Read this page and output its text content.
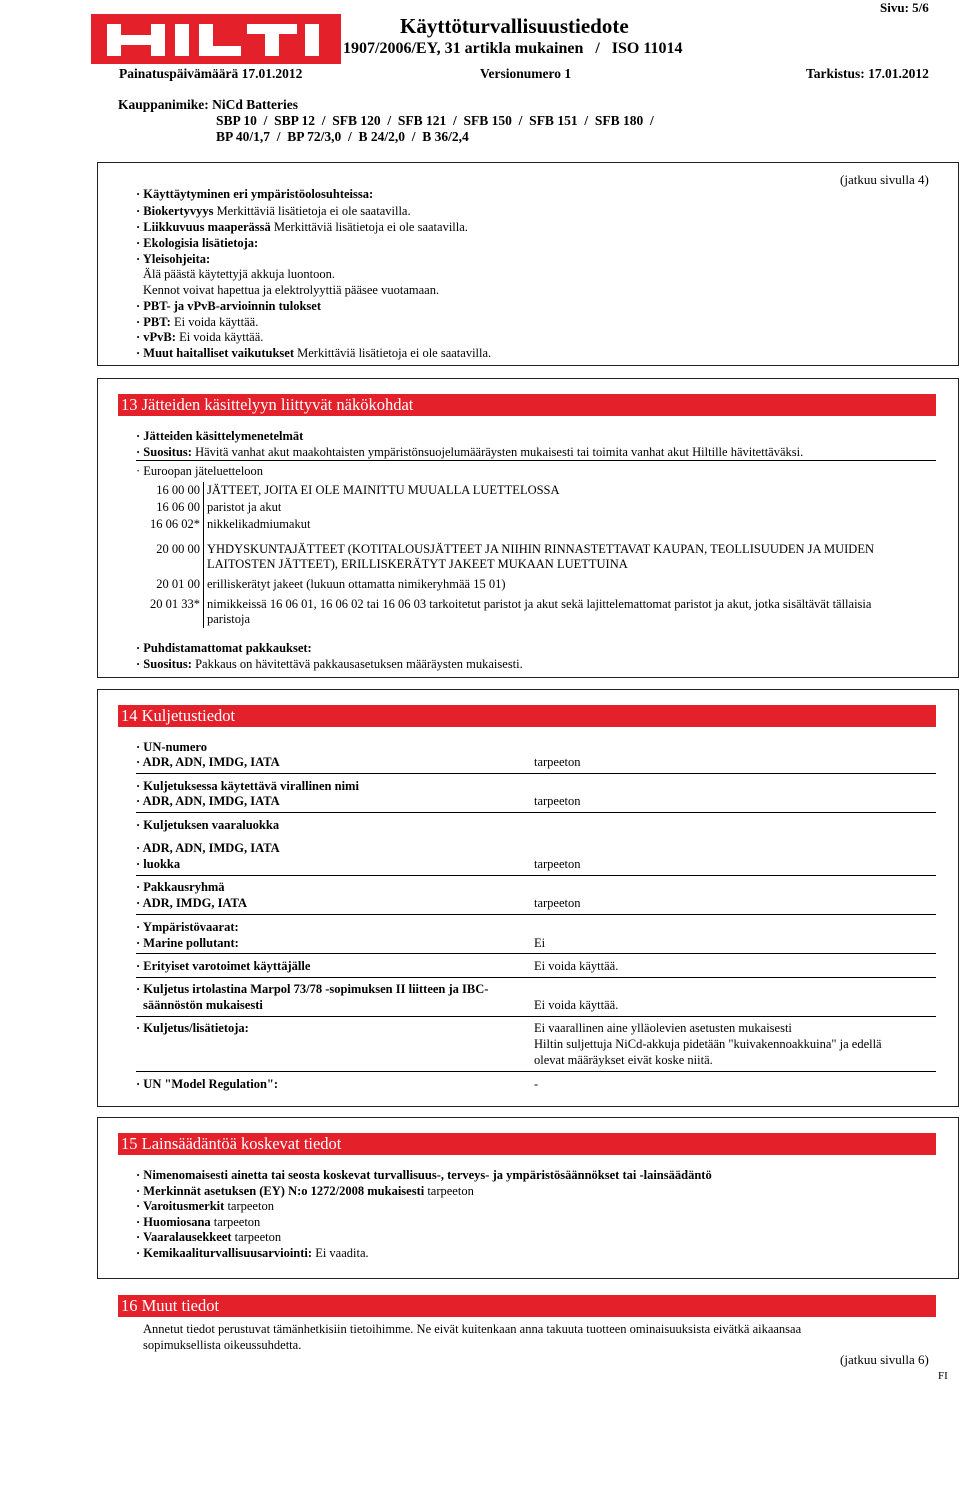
Sivu: 5/6
Käyttöturvallisuustiedote
1907/2006/EY, 31 artikla mukainen   /   ISO 11014
Painatuspäivämäärä 17.01.2012	Versionumero 1	Tarkistus: 17.01.2012
Kauppanimike: NiCd Batteries
SBP 10  /  SBP 12  /  SFB 120  /  SFB 121  /  SFB 150  /  SFB 151  /  SFB 180  /
BP 40/1,7  /  BP 72/3,0  /  B 24/2,0  /  B 36/2,4
(jatkuu sivulla 4)
· Käyttäytyminen eri ympäristöolosuhteissa:
· Biokertyvyys Merkittäviä lisätietoja ei ole saatavilla.
· Liikkuvuus maaperässä Merkittäviä lisätietoja ei ole saatavilla.
· Ekologisia lisätietoja:
· Yleisohjeita:
Älä päästä käytettyjä akkuja luontoon.
Kennot voivat hapettua ja elektrolyyttiä pääsee vuotamaan.
· PBT- ja vPvB-arvioinnin tulokset
· PBT: Ei voida käyttää.
· vPvB: Ei voida käyttää.
· Muut haitalliset vaikutukset Merkittäviä lisätietoja ei ole saatavilla.
13 Jätteiden käsittelyyn liittyvät näkökohdat
· Jätteiden käsittelymenetelmät
· Suositus: Hävitä vanhat akut maakohtaisten ympäristönsuojelumääräysten mukaisesti tai toimita vanhat akut Hiltille hävitettäväksi.
· Euroopan jäteluetteloon
16 00 00	JÄTTEET, JOITA EI OLE MAINITTU MUUALLA LUETTELOSSA
16 06 00	paristot ja akut
16 06 02*	nikkelikadmiumakut
20 00 00	YHDYSKUNTAJÄTTEET (KOTITALOUSJÄTTEET JA NIIHIN RINNASTETTAVAT KAUPAN, TEOLLISUUDEN JA MUIDEN LAITOSTEN JÄTTEET), ERILLISKERÄTYT JAKEET MUKAAN LUETTUINA
20 01 00	erilliskerätyt jakeet (lukuun ottamatta nimikeryhmää 15 01)
20 01 33*	nimikkeissä 16 06 01, 16 06 02 tai 16 06 03 tarkoitetut paristot ja akut sekä lajittelemattomat paristot ja akut, jotka sisältävät tällaisia paristoja
· Puhdistamattomat pakkaukset:
· Suositus: Pakkaus on hävitettävä pakkausasetuksen määräysten mukaisesti.
14 Kuljetustiedot
· UN-numero
· ADR, ADN, IMDG, IATA	tarpeeton
· Kuljetuksessa käytettävä virallinen nimi
· ADR, ADN, IMDG, IATA	tarpeeton
· Kuljetuksen vaaraluokka
· ADR, ADN, IMDG, IATA
· luokka	tarpeeton
· Pakkausryhmä
· ADR, IMDG, IATA	tarpeeton
· Ympäristövaarat:
· Marine pollutant:	Ei
· Erityiset varotoimet käyttäjälle	Ei voida käyttää.
· Kuljetus irtolastina Marpol 73/78 -sopimuksen II liitteen ja IBC-
säännöstön mukaisesti	Ei voida käyttää.
· Kuljetus/lisätietoja:	Ei vaarallinen aine ylläolevien asetusten mukaisesti
Hiltin suljettuja NiCd-akkuja pidetään "kuivakennoakkuina" ja edellä
olevat määräykset eivät koske niitä.
· UN "Model Regulation":	-
15 Lainsäädäntöä koskevat tiedot
· Nimenomaisesti ainetta tai seosta koskevat turvallisuus-, terveys- ja ympäristösäännökset tai -lainsäädäntö
· Merkinnät asetuksen (EY) N:o 1272/2008 mukaisesti tarpeeton
· Varoitusmerkit tarpeeton
· Huomiosana tarpeeton
· Vaaralausekkeet tarpeeton
· Kemikaaliturvallisuusarviointi: Ei vaadita.
16 Muut tiedot
Annetut tiedot perustuvat tämänhetkisiin tietoihimme. Ne eivät kuitenkaan anna takuuta tuotteen ominaisuuksista eivätkä aikaansaa
sopimuksellista oikeussuhdetta.
(jatkuu sivulla 6)
FI
